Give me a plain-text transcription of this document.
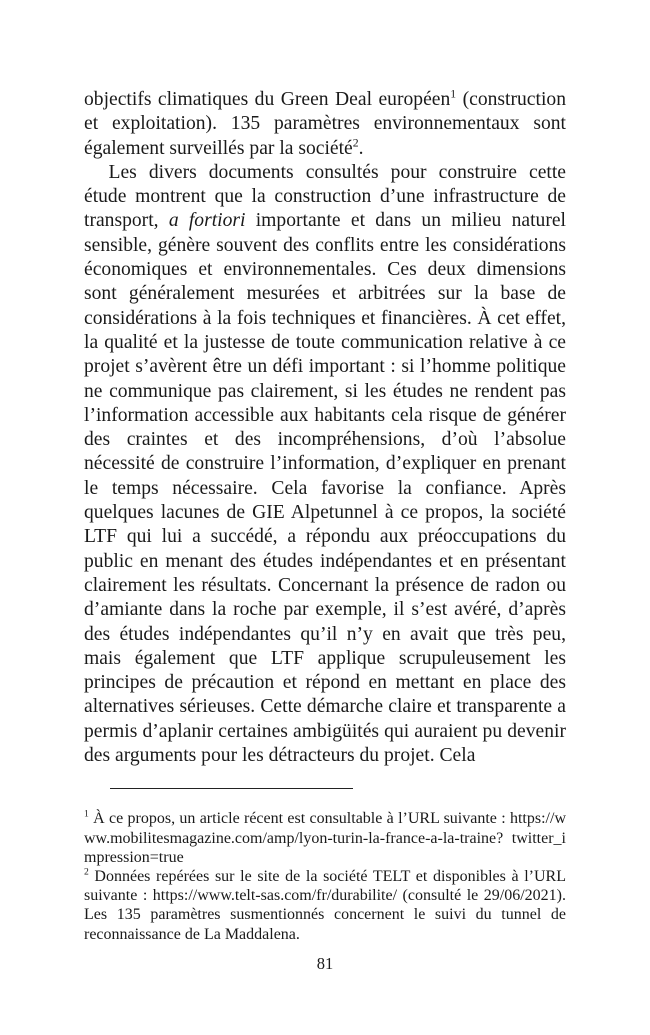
objectifs climatiques du Green Deal européen$^1$ (construction et exploitation). 135 paramètres environnementaux sont également surveillés par la société$^2$.

Les divers documents consultés pour construire cette étude montrent que la construction d’une infrastructure de transport, a fortiori importante et dans un milieu naturel sensible, génère souvent des conflits entre les considérations économiques et environnementales. Ces deux dimensions sont généralement mesurées et arbitrées sur la base de considérations à la fois techniques et financières. À cet effet, la qualité et la justesse de toute communication relative à ce projet s’avèrent être un défi important : si l’homme politique ne communique pas clairement, si les études ne rendent pas l’information accessible aux habitants cela risque de générer des craintes et des incompréhensions, d’où l’absolue nécessité de construire l’information, d’expliquer en prenant le temps nécessaire. Cela favorise la confiance. Après quelques lacunes de GIE Alpetunnel à ce propos, la société LTF qui lui a succédé, a répondu aux préoccupations du public en menant des études indépendantes et en présentant clairement les résultats. Concernant la présence de radon ou d’amiante dans la roche par exemple, il s’est avéré, d’après des études indépendantes qu’il n’y en avait que très peu, mais également que LTF applique scrupuleusement les principes de précaution et répond en mettant en place des alternatives sérieuses. Cette démarche claire et transparente a permis d’aplanir certaines ambigüités qui auraient pu devenir des arguments pour les détracteurs du projet. Cela

$^1$ À ce propos, un article récent est consultable à l’URL suivante : https://www.mobilitesmagazine.com/amp/lyon-turin-la-france-a-la-traine? twitter_impression=true

$^2$ Données repérées sur le site de la société TELT et disponibles à l’URL suivante : https://www.telt-sas.com/fr/durabilite/ (consulté le 29/06/2021). Les 135 paramètres susmentionnés concernent le suivi du tunnel de reconnaissance de La Maddalena.

81
